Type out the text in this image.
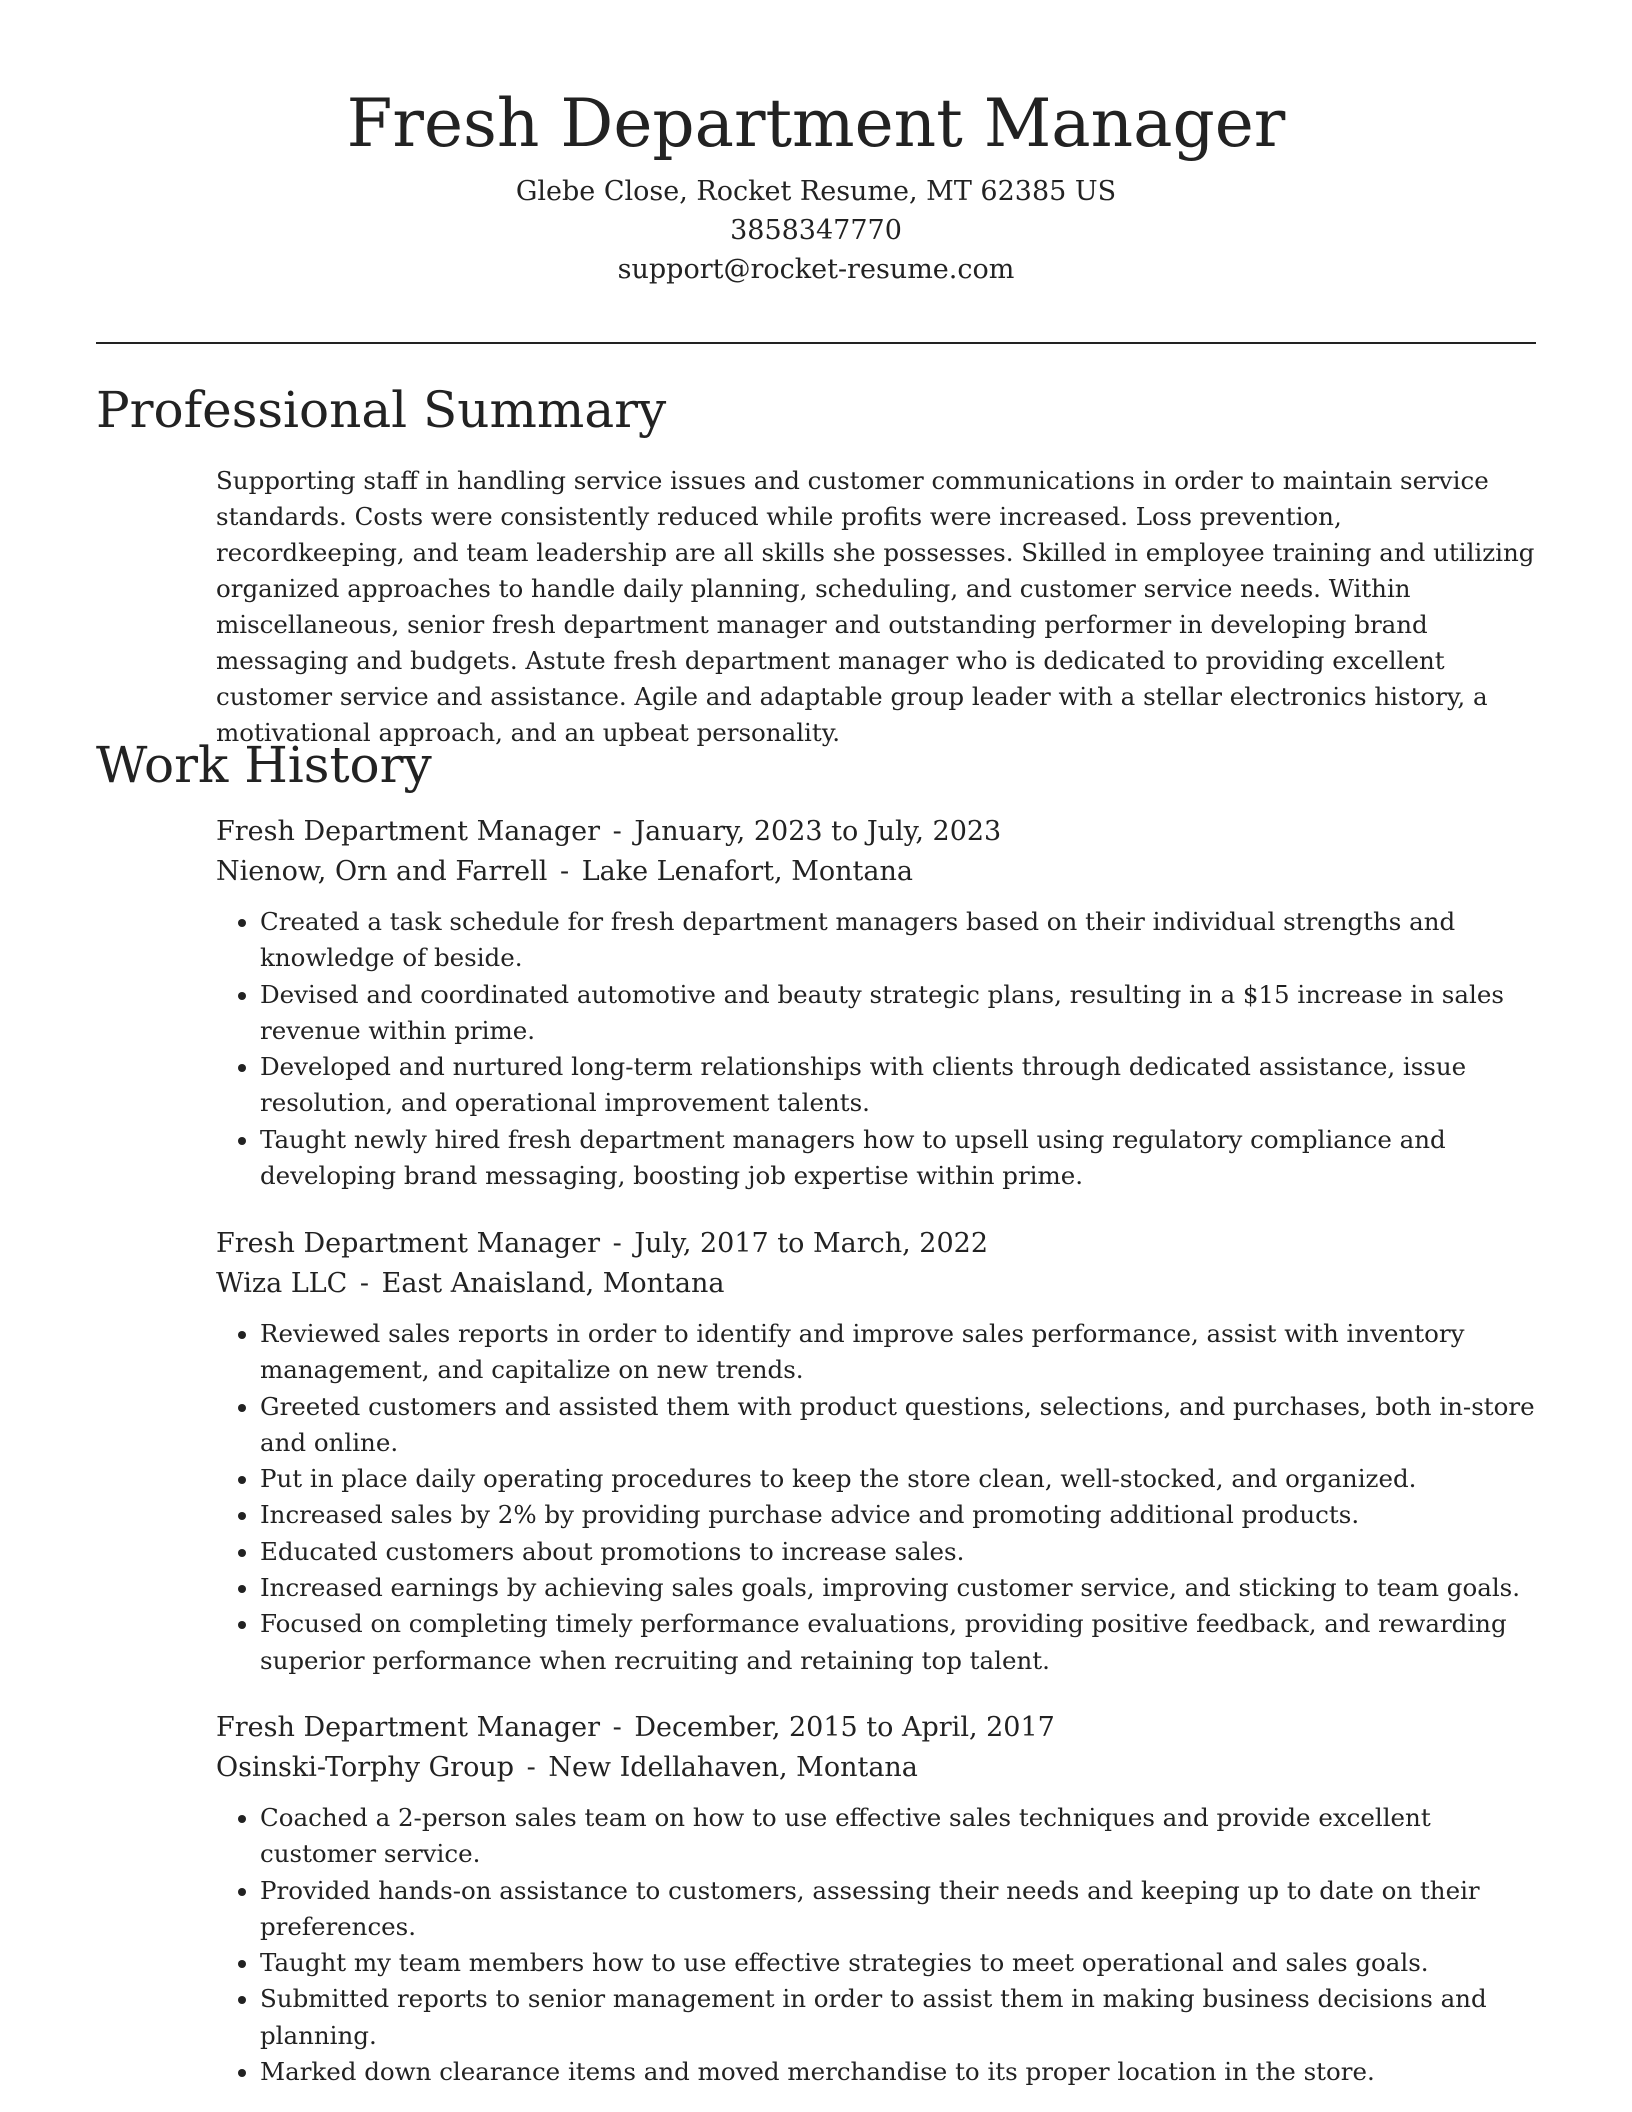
Fresh Department Manager
Glebe Close, Rocket Resume, MT 62385 US
3858347770
support@rocket-resume.com
Professional Summary

Supporting staff in handling service issues and customer communications in order to maintain service standards. Costs were consistently reduced while profits were increased. Loss prevention, recordkeeping, and team leadership are all skills she possesses. Skilled in employee training and utilizing organized approaches to handle daily planning, scheduling, and customer service needs. Within miscellaneous, senior fresh department manager and outstanding performer in developing brand messaging and budgets. Astute fresh department manager who is dedicated to providing excellent customer service and assistance. Agile and adaptable group leader with a stellar electronics history, a motivational approach, and an upbeat personality.

Work History

Fresh Department Manager - January, 2023 to July, 2023

Nienow, Orn and Farrell - Lake Lenafort, Montana

• Created a task schedule for fresh department managers based on their individual strengths and knowledge of beside.
• Devised and coordinated automotive and beauty strategic plans, resulting in a $15 increase in sales revenue within prime.
• Developed and nurtured long-term relationships with clients through dedicated assistance, issue resolution, and operational improvement talents.
• Taught newly hired fresh department managers how to upsell using regulatory compliance and developing brand messaging, boosting job expertise within prime.

Fresh Department Manager - July, 2017 to March, 2022

Wiza LLC - East Anaisland, Montana

• Reviewed sales reports in order to identify and improve sales performance, assist with inventory management, and capitalize on new trends.
• Greeted customers and assisted them with product questions, selections, and purchases, both in-store and online.
• Put in place daily operating procedures to keep the store clean, well-stocked, and organized.
• Increased sales by 2% by providing purchase advice and promoting additional products.
• Educated customers about promotions to increase sales.
• Increased earnings by achieving sales goals, improving customer service, and sticking to team goals.
• Focused on completing timely performance evaluations, providing positive feedback, and rewarding superior performance when recruiting and retaining top talent.

Fresh Department Manager - December, 2015 to April, 2017

Osinski-Torphy Group - New Idellahaven, Montana

• Coached a 2-person sales team on how to use effective sales techniques and provide excellent customer service.
• Provided hands-on assistance to customers, assessing their needs and keeping up to date on their preferences.
• Taught my team members how to use effective strategies to meet operational and sales goals.
• Submitted reports to senior management in order to assist them in making business decisions and planning.
• Marked down clearance items and moved merchandise to its proper location in the store.
